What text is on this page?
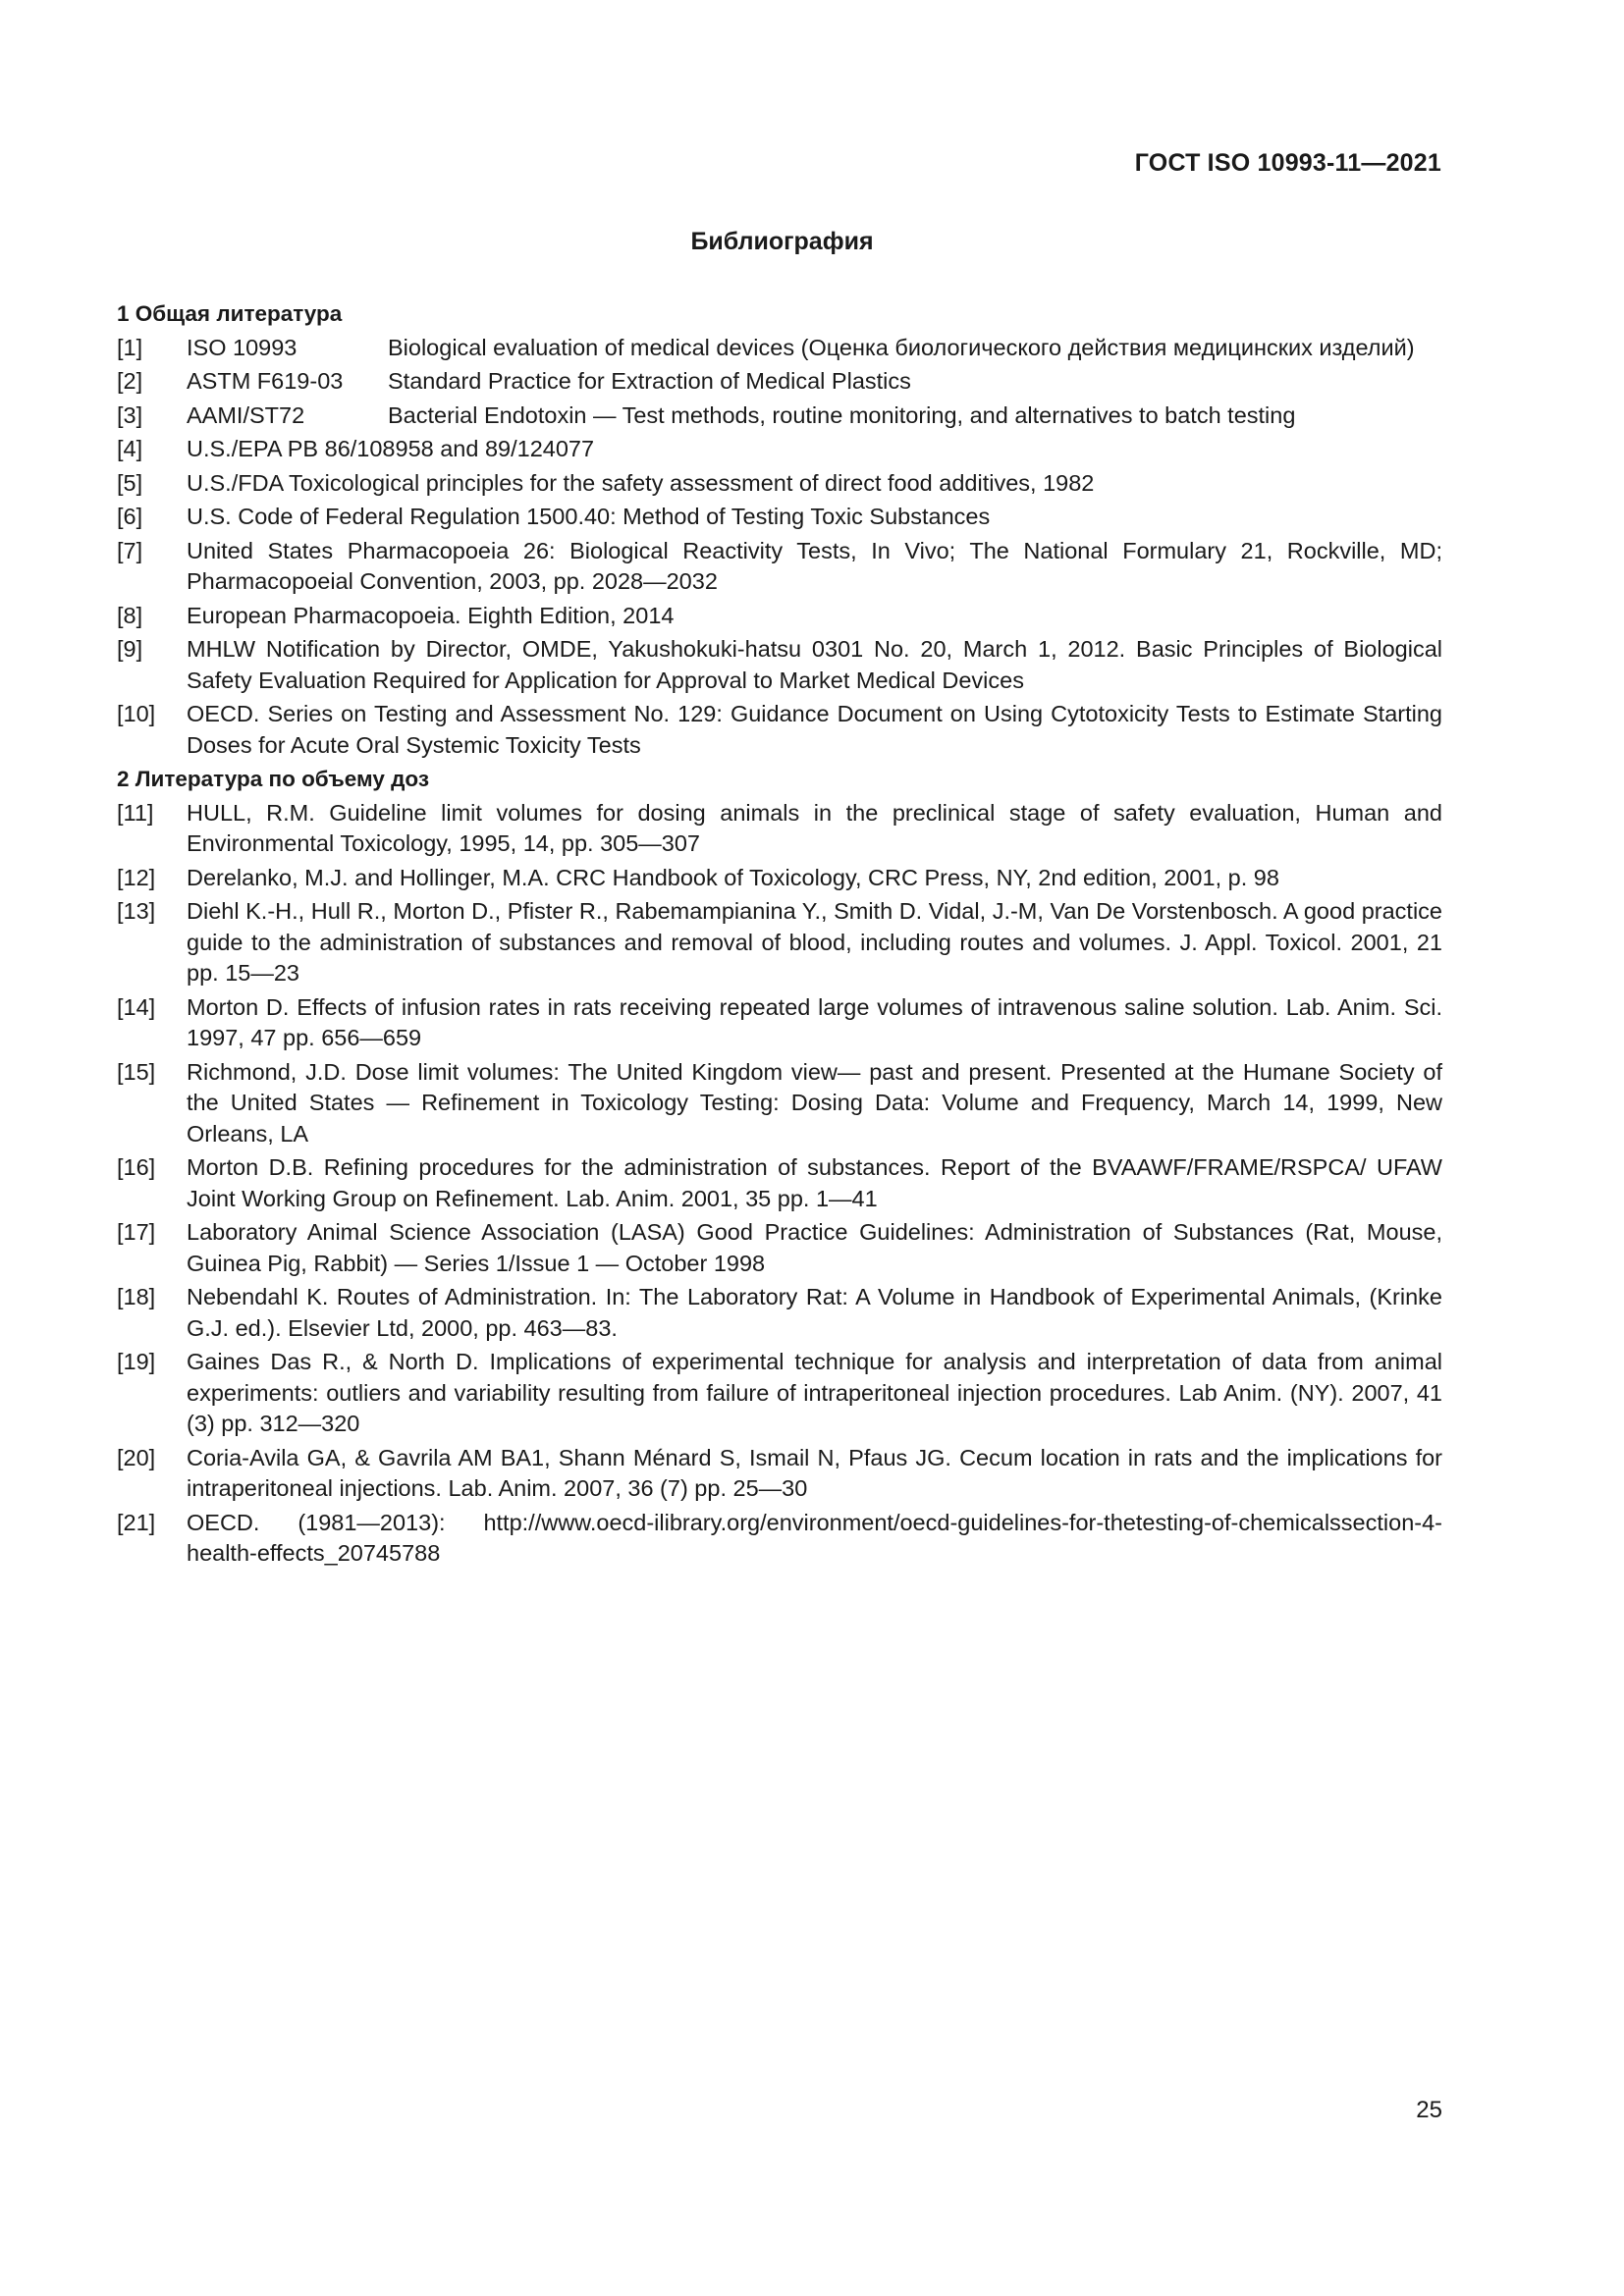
ГОСТ ISO 10993-11—2021
Библиография
1 Общая литература
[1]	ISO 10993	Biological evaluation of medical devices (Оценка биологического действия медицинских изделий)
[2]	ASTM F619-03	Standard Practice for Extraction of Medical Plastics
[3]	AAMI/ST72	Bacterial Endotoxin — Test methods, routine monitoring, and alternatives to batch testing
[4]	U.S./EPA PB 86/108958 and 89/124077
[5]	U.S./FDA Toxicological principles for the safety assessment of direct food additives, 1982
[6]	U.S. Code of Federal Regulation 1500.40: Method of Testing Toxic Substances
[7]	United States Pharmacopoeia 26: Biological Reactivity Tests, In Vivo; The National Formulary 21, Rockville, MD; Pharmacopoeial Convention, 2003, pp. 2028—2032
[8]	European Pharmacopoeia. Eighth Edition, 2014
[9]	MHLW Notification by Director, OMDE, Yakushokuki-hatsu 0301 No. 20, March 1, 2012. Basic Principles of Biological Safety Evaluation Required for Application for Approval to Market Medical Devices
[10]	OECD. Series on Testing and Assessment No. 129: Guidance Document on Using Cytotoxicity Tests to Estimate Starting Doses for Acute Oral Systemic Toxicity Tests
2 Литература по объему доз
[11]	HULL, R.M. Guideline limit volumes for dosing animals in the preclinical stage of safety evaluation, Human and Environmental Toxicology, 1995, 14, pp. 305—307
[12]	Derelanko, M.J. and Hollinger, M.A. CRC Handbook of Toxicology, CRC Press, NY, 2nd edition, 2001, p. 98
[13]	Diehl K.-H., Hull R., Morton D., Pfister R., Rabemampianina Y., Smith D. Vidal, J.-M, Van De Vorstenbosch. A good practice guide to the administration of substances and removal of blood, including routes and volumes. J. Appl. Toxicol. 2001, 21 pp. 15—23
[14]	Morton D. Effects of infusion rates in rats receiving repeated large volumes of intravenous saline solution. Lab. Anim. Sci. 1997, 47 pp. 656—659
[15]	Richmond, J.D. Dose limit volumes: The United Kingdom view— past and present. Presented at the Humane Society of the United States — Refinement in Toxicology Testing: Dosing Data: Volume and Frequency, March 14, 1999, New Orleans, LA
[16]	Morton D.B. Refining procedures for the administration of substances. Report of the BVAAWF/FRAME/RSPCA/ UFAW Joint Working Group on Refinement. Lab. Anim. 2001, 35 pp. 1—41
[17]	Laboratory Animal Science Association (LASA) Good Practice Guidelines: Administration of Substances (Rat, Mouse, Guinea Pig, Rabbit) — Series 1/Issue 1 — October 1998
[18]	Nebendahl K. Routes of Administration. In: The Laboratory Rat: A Volume in Handbook of Experimental Animals, (Krinke G.J. ed.). Elsevier Ltd, 2000, pp. 463—83.
[19]	Gaines Das R., & North D. Implications of experimental technique for analysis and interpretation of data from animal experiments: outliers and variability resulting from failure of intraperitoneal injection procedures. Lab Anim. (NY). 2007, 41 (3) pp. 312—320
[20]	Coria-Avila GA, & Gavrila AM BA1, Shann Ménard S, Ismail N, Pfaus JG. Cecum location in rats and the implications for intraperitoneal injections. Lab. Anim. 2007, 36 (7) pp. 25—30
[21]	OECD. (1981—2013): http://www.oecd-ilibrary.org/environment/oecd-guidelines-for-thetesting-of-chemicalssection-4-health-effects_20745788
25
